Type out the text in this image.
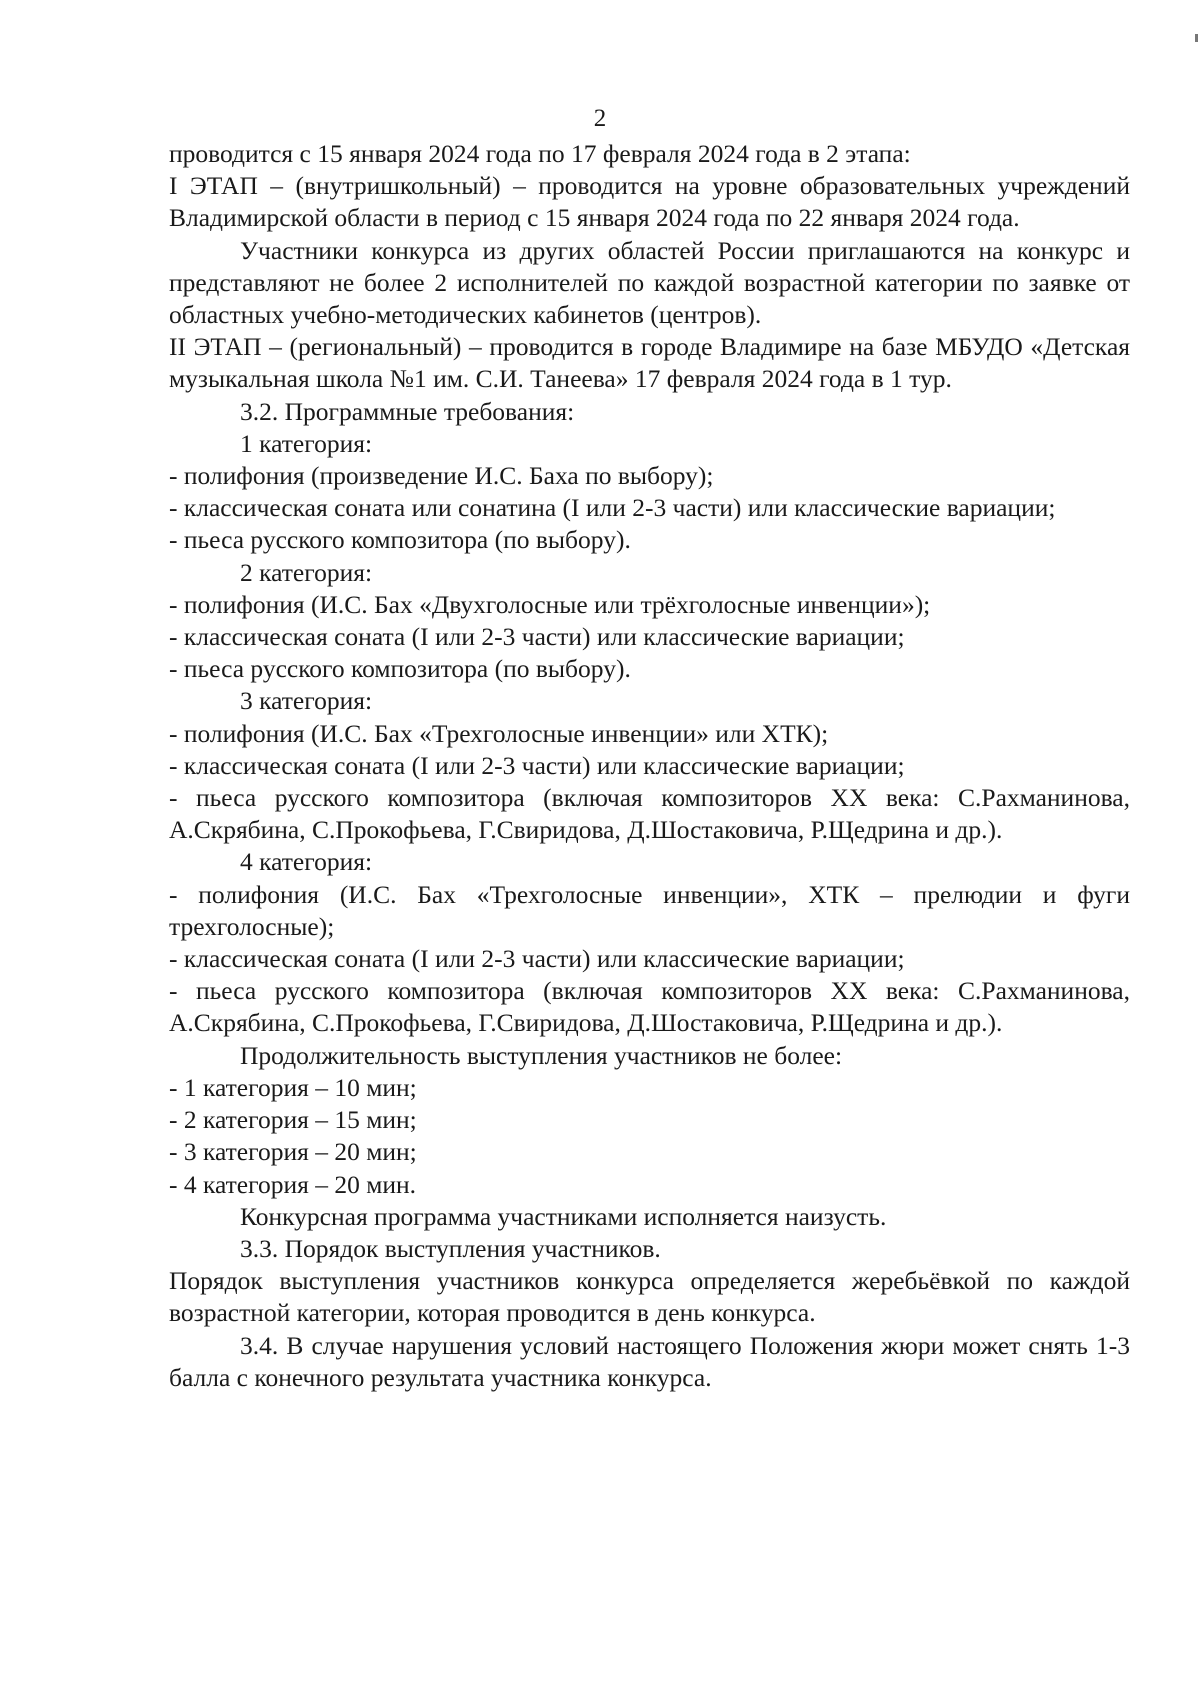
2

проводится с 15 января 2024 года по 17 февраля 2024 года в 2 этапа:

I ЭТАП – (внутришкольный) – проводится на уровне образовательных учреждений Владимирской области в период с 15 января 2024 года по 22 января 2024 года.

Участники конкурса из других областей России приглашаются на конкурс и представляют не более 2 исполнителей по каждой возрастной категории по заявке от областных учебно-методических кабинетов (центров).

II ЭТАП – (региональный) – проводится в городе Владимире на базе МБУДО «Детская музыкальная школа №1 им. С.И. Танеева» 17 февраля 2024 года в 1 тур.

3.2. Программные требования:

1 категория:

- полифония (произведение И.С. Баха по выбору);

- классическая соната или сонатина (I или 2-3 части) или классические вариации;

- пьеса русского композитора (по выбору).

2 категория:

- полифония (И.С. Бах «Двухголосные или трёхголосные инвенции»);

- классическая соната (I или 2-3 части) или классические вариации;

- пьеса русского композитора (по выбору).

3 категория:

- полифония (И.С. Бах «Трехголосные инвенции» или ХТК);

- классическая соната (I или 2-3 части) или классические вариации;

- пьеса русского композитора (включая композиторов ХХ века: С.Рахманинова, А.Скрябина, С.Прокофьева, Г.Свиридова, Д.Шостаковича, Р.Щедрина и др.).

4 категория:

- полифония (И.С. Бах «Трехголосные инвенции», ХТК – прелюдии и фуги трехголосные);

- классическая соната (I или 2-3 части) или классические вариации;

- пьеса русского композитора (включая композиторов ХХ века: С.Рахманинова, А.Скрябина, С.Прокофьева, Г.Свиридова, Д.Шостаковича, Р.Щедрина и др.).

Продолжительность выступления участников не более:

- 1 категория – 10 мин;

- 2 категория – 15 мин;

- 3 категория – 20 мин;

- 4 категория – 20 мин.

Конкурсная программа участниками исполняется наизусть.

3.3. Порядок выступления участников.

Порядок выступления участников конкурса определяется жеребьёвкой по каждой возрастной категории, которая проводится в день конкурса.

3.4. В случае нарушения условий настоящего Положения жюри может снять 1-3 балла с конечного результата участника конкурса.
